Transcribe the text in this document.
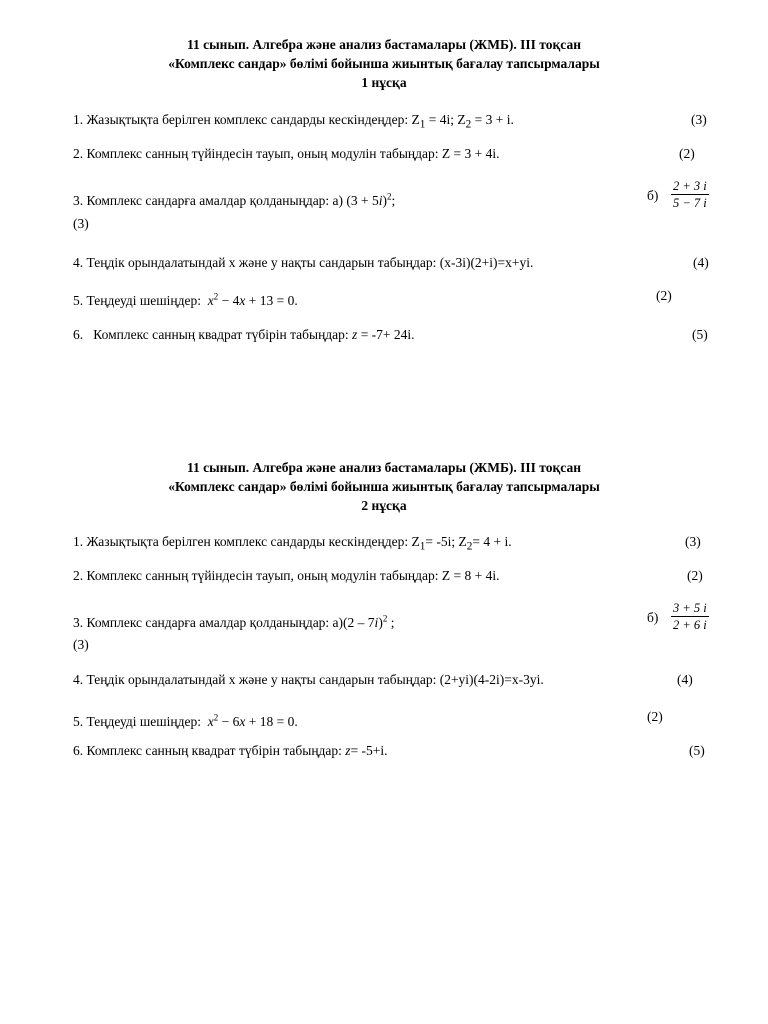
11 сынып. Алгебра және анализ бастамалары (ЖМБ). III тоқсан
«Комплекс сандар» бөлімі бойынша жиынтық бағалау тапсырмалары
1 нұсқа
1. Жазықтықта берілген комплекс сандарды кескіндеңдер: $Z_1 = 4i$; $Z_2 = 3 + i$.	(3)
2. Комплекс санның түйіндесін тауып, оның модулін табыңдар: Z = 3 + 4i.	(2)
3. Комплекс сандарға амалдар қолданыңдар: а) $(3 + 5i)^2$;	$б) \frac{2 + 3 i}{5 - 7 i}$
(3)
4. Теңдік орындалатындай x және у нақты сандарын табыңдар: (x-3i)(2+i)=x+yi.	(4)
5. Теңдеуді шешіңдер: $x^2 - 4x + 13 = 0$.	(2)
6. Комплекс санның квадрат түбірін табыңдар: z = -7+ 24i.	(5)
11 сынып. Алгебра және анализ бастамалары (ЖМБ). III тоқсан
«Комплекс сандар» бөлімі бойынша жиынтық бағалау тапсырмалары
2 нұсқа
1. Жазықтықта берілген комплекс сандарды кескіндеңдер: $Z_1= -5i$; $Z_2= 4 + i$.	(3)
2. Комплекс санның түйіндесін тауып, оның модулін табыңдар: Z = 8 + 4i.	(2)
3. Комплекс сандарға амалдар қолданыңдар: а)(2 – 7i)$^2$ ;	$б) \frac{3 + 5 i}{2 + 6 i}$
(3)
4. Теңдік орындалатындай x және у нақты сандарын табыңдар: (2+yi)(4-2i)=x-3yi.	(4)
5. Теңдеуді шешіңдер: $x^2 - 6x + 18 = 0$.	(2)
6. Комплекс санның квадрат түбірін табыңдар: z= -5+i.	(5)
